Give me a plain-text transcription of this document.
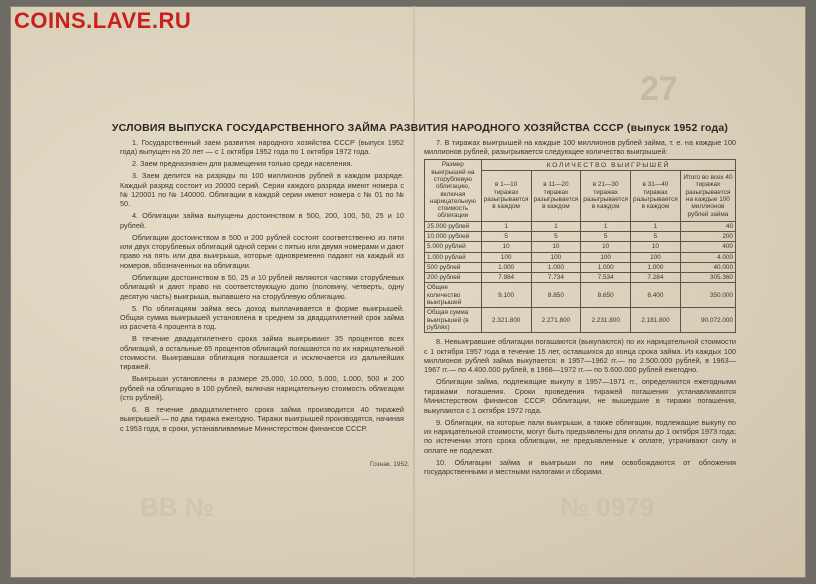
COINS.LAVE.RU
27
ВВ №	№ 0979
УСЛОВИЯ ВЫПУСКА ГОСУДАРСТВЕННОГО ЗАЙМА РАЗВИТИЯ НАРОДНОГО ХОЗЯЙСТВА СССР (выпуск 1952 года)

1. Государственный заем развития народного хозяйства СССР (выпуск 1952 года) выпущен на 20 лет — с 1 октября 1952 года по 1 октября 1972 года.

2. Заем предназначен для размещения только среди населения.

3. Заем делится на разряды по 100 миллионов рублей в каждом разряде. Каждый разряд состоит из 20000 серий. Серии каждого разряда имеют номера с № 120001 по № 140000. Облигации в каждой серии имеют номера с № 01 по № 50.

4. Облигации займа выпущены достоинством в 500, 200, 100, 50, 25 и 10 рублей.

Облигации достоинством в 500 и 200 рублей состоят соответственно из пяти или двух сторублевых облигаций одной серии с пятью или двумя номерами и дают право на пять или два выигрыша, которые одновременно падают на каждый из номеров, обозначенных на облигации.

Облигации достоинством в 50, 25 и 10 рублей являются частями сторублевых облигаций и дают право на соответствующую долю (половину, четверть, одну десятую часть) выигрыша, выпавшего на сторублевую облигацию.

5. По облигациям займа весь доход выплачивается в форме выигрышей. Общая сумма выигрышей установлена в среднем за двадцатилетний срок займа из расчета 4 процента в год.

В течение двадцатилетнего срока займа выигрывают 35 процентов всех облигаций, а остальные 65 процентов облигаций погашаются по их нарицательной стоимости. Выигравшая облигация погашается и исключается из дальнейших тиражей.

Выигрыши установлены в размере 25.000, 10.000, 5.000, 1.000, 500 и 200 рублей на облигацию в 100 рублей, включая нарицательную стоимость облигации (сто рублей).

6. В течение двадцатилетнего срока займа производится 40 тиражей выигрышей — по два тиража ежегодно. Тиражи выигрышей производятся, начиная с 1953 года, в сроки, устанавливаемые Министерством финансов СССР.

7. В тиражах выигрышей на каждые 100 миллионов рублей займа, т. е. на каждые 100 миллионов рублей, разыгрывается следующее количество выигрышей:

Размер выигрышей на сторублевую облигацию, включая нарицательную стоимость облигации	КОЛИЧЕСТВО ВЫИГРЫШЕЙ				
	в 1—10 тиражах разыгрывается в каждом	в 11—20 тиражах разыгрывается в каждом	в 21—30 тиражах разыгрывается в каждом	в 31—40 тиражах разыгрывается в каждом	Итого во всех 40 тиражах разыгрывается на каждые 100 миллионов рублей займа
25.000 рублей	1	1	1	1	40
10.000 рублей	5	5	5	5	200
5.000 рублей	10	10	10	10	400
1.000 рублей	100	100	100	100	4.000
500 рублей	1.000	1.000	1.000	1.000	40.000
200 рублей	7.984	7.734	7.534	7.284	305.360
Общее количество выигрышей	9.100	8.850	8.650	8.400	350.000
Общая сумма выигрышей (в рублях)	2.321.800	2.271.800	2.231.800	2.181.800	90.072.000

8. Невыигравшие облигации погашаются (выкупаются) по их нарицательной стоимости с 1 октября 1957 года в течение 15 лет, оставшихся до конца срока займа. Из каждых 100 миллионов рублей займа выкупается: в 1957—1962 гг.— по 2.500.000 рублей, в 1963—1967 гг.— по 4.400.000 рублей, в 1968—1972 гг.— по 5.600.000 рублей ежегодно.

Облигации займа, подлежащие выкупу в 1957—1971 гг., определяются ежегодными тиражами погашения. Сроки проведения тиражей погашения устанавливаются Министерством финансов СССР. Облигации, не вышедшие в тиражи погашения, выкупаются с 1 октября 1972 года.

9. Облигации, на которые пали выигрыши, а также облигации, подлежащие выкупу по их нарицательной стоимости, могут быть предъявлены для оплаты до 1 октября 1973 года; по истечении этого срока облигации, не предъявленные к оплате, утрачивают силу и оплате не подлежат.

10. Облигации займа и выигрыши по ним освобождаются от обложения государственными и местными налогами и сборами.

Гознак. 1952.
